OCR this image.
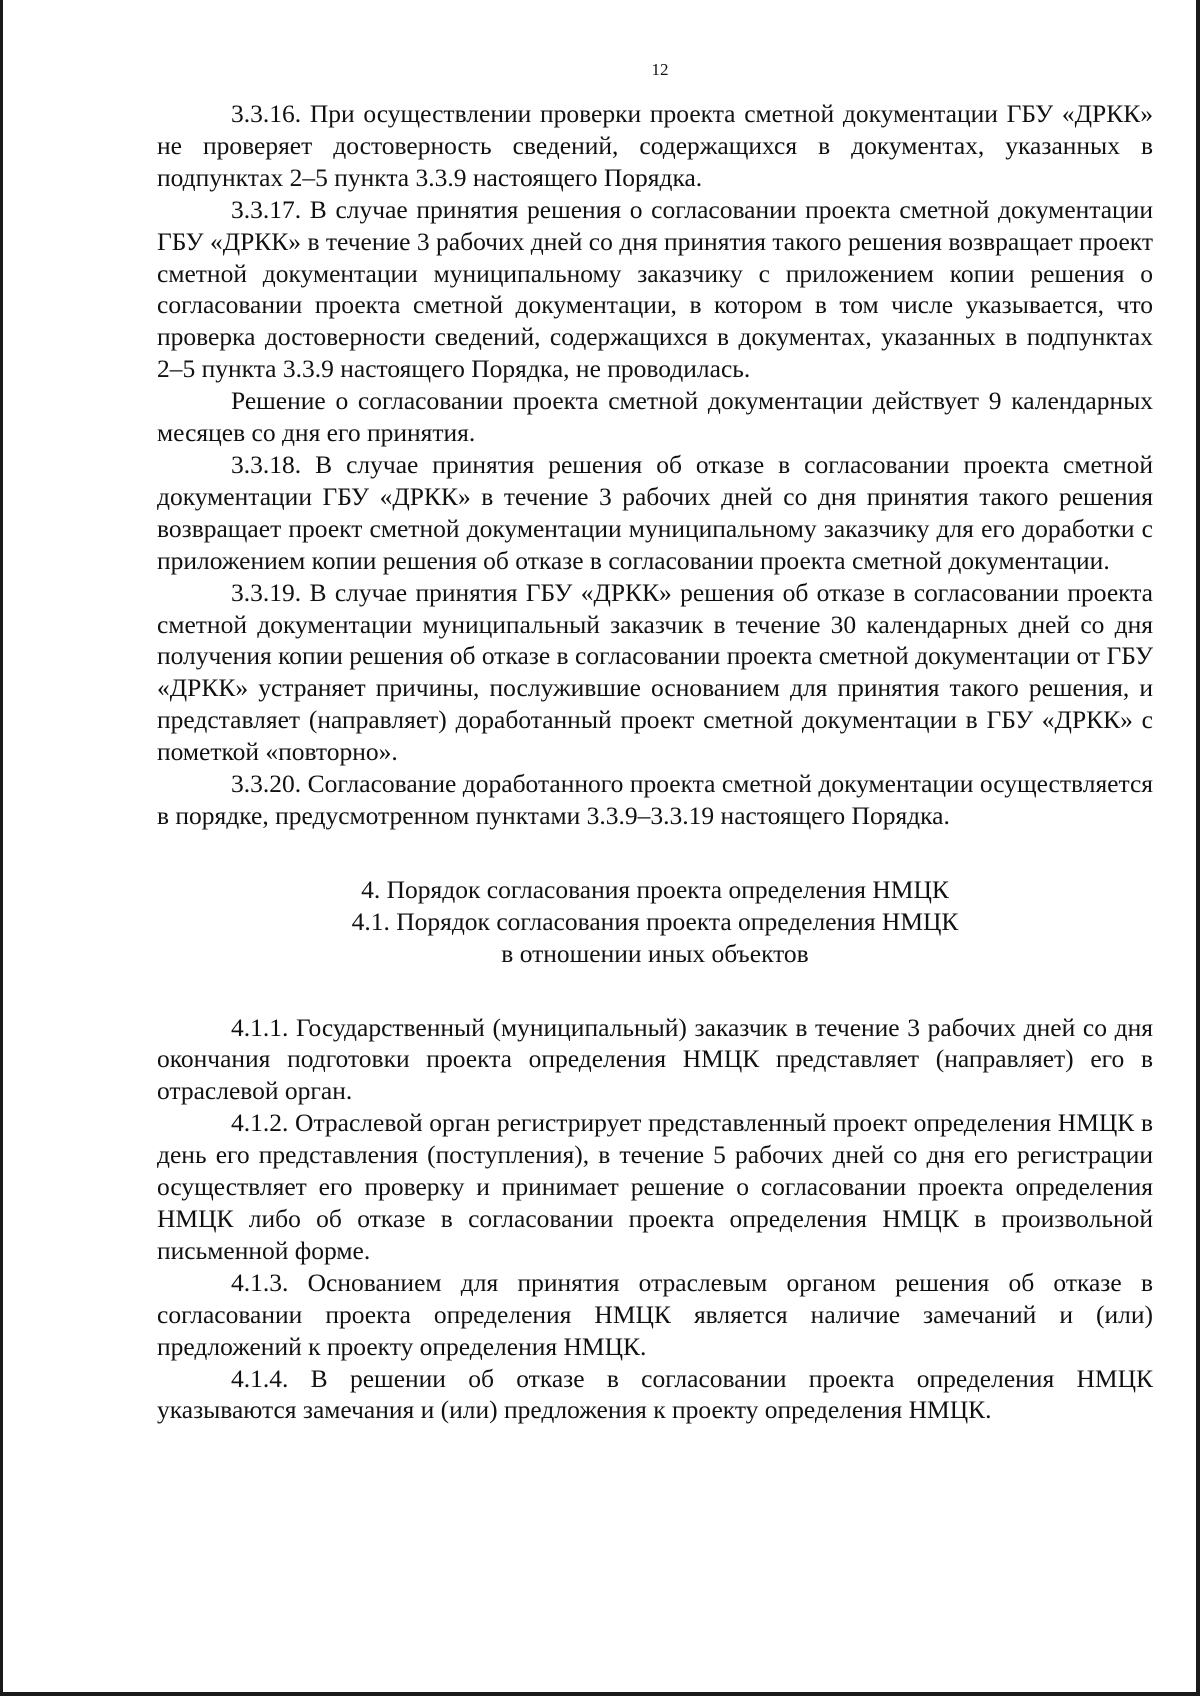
12

3.3.16. При осуществлении проверки проекта сметной документации ГБУ «ДРКК» не проверяет достоверность сведений, содержащихся в документах, указанных в подпунктах 2–5 пункта 3.3.9 настоящего Порядка.

3.3.17. В случае принятия решения о согласовании проекта сметной документации ГБУ «ДРКК» в течение 3 рабочих дней со дня принятия такого решения возвращает проект сметной документации муниципальному заказчику с приложением копии решения о согласовании проекта сметной документации, в котором в том числе указывается, что проверка достоверности сведений, содержащихся в документах, указанных в подпунктах 2–5 пункта 3.3.9 настоящего Порядка, не проводилась.

Решение о согласовании проекта сметной документации действует 9 календарных месяцев со дня его принятия.

3.3.18. В случае принятия решения об отказе в согласовании проекта сметной документации ГБУ «ДРКК» в течение 3 рабочих дней со дня принятия такого решения возвращает проект сметной документации муниципальному заказчику для его доработки с приложением копии решения об отказе в согласовании проекта сметной документации.

3.3.19. В случае принятия ГБУ «ДРКК» решения об отказе в согласовании проекта сметной документации муниципальный заказчик в течение 30 календарных дней со дня получения копии решения об отказе в согласовании проекта сметной документации от ГБУ «ДРКК» устраняет причины, послужившие основанием для принятия такого решения, и представляет (направляет) доработанный проект сметной документации в ГБУ «ДРКК» с пометкой «повторно».

3.3.20. Согласование доработанного проекта сметной документации осуществляется в порядке, предусмотренном пунктами 3.3.9–3.3.19 настоящего Порядка.

4. Порядок согласования проекта определения НМЦК
4.1. Порядок согласования проекта определения НМЦК
в отношении иных объектов

4.1.1. Государственный (муниципальный) заказчик в течение 3 рабочих дней со дня окончания подготовки проекта определения НМЦК представляет (направляет) его в отраслевой орган.

4.1.2. Отраслевой орган регистрирует представленный проект определения НМЦК в день его представления (поступления), в течение 5 рабочих дней со дня его регистрации осуществляет его проверку и принимает решение о согласовании проекта определения НМЦК либо об отказе в согласовании проекта определения НМЦК в произвольной письменной форме.

4.1.3. Основанием для принятия отраслевым органом решения об отказе в согласовании проекта определения НМЦК является наличие замечаний и (или) предложений к проекту определения НМЦК.

4.1.4. В решении об отказе в согласовании проекта определения НМЦК указываются замечания и (или) предложения к проекту определения НМЦК.
